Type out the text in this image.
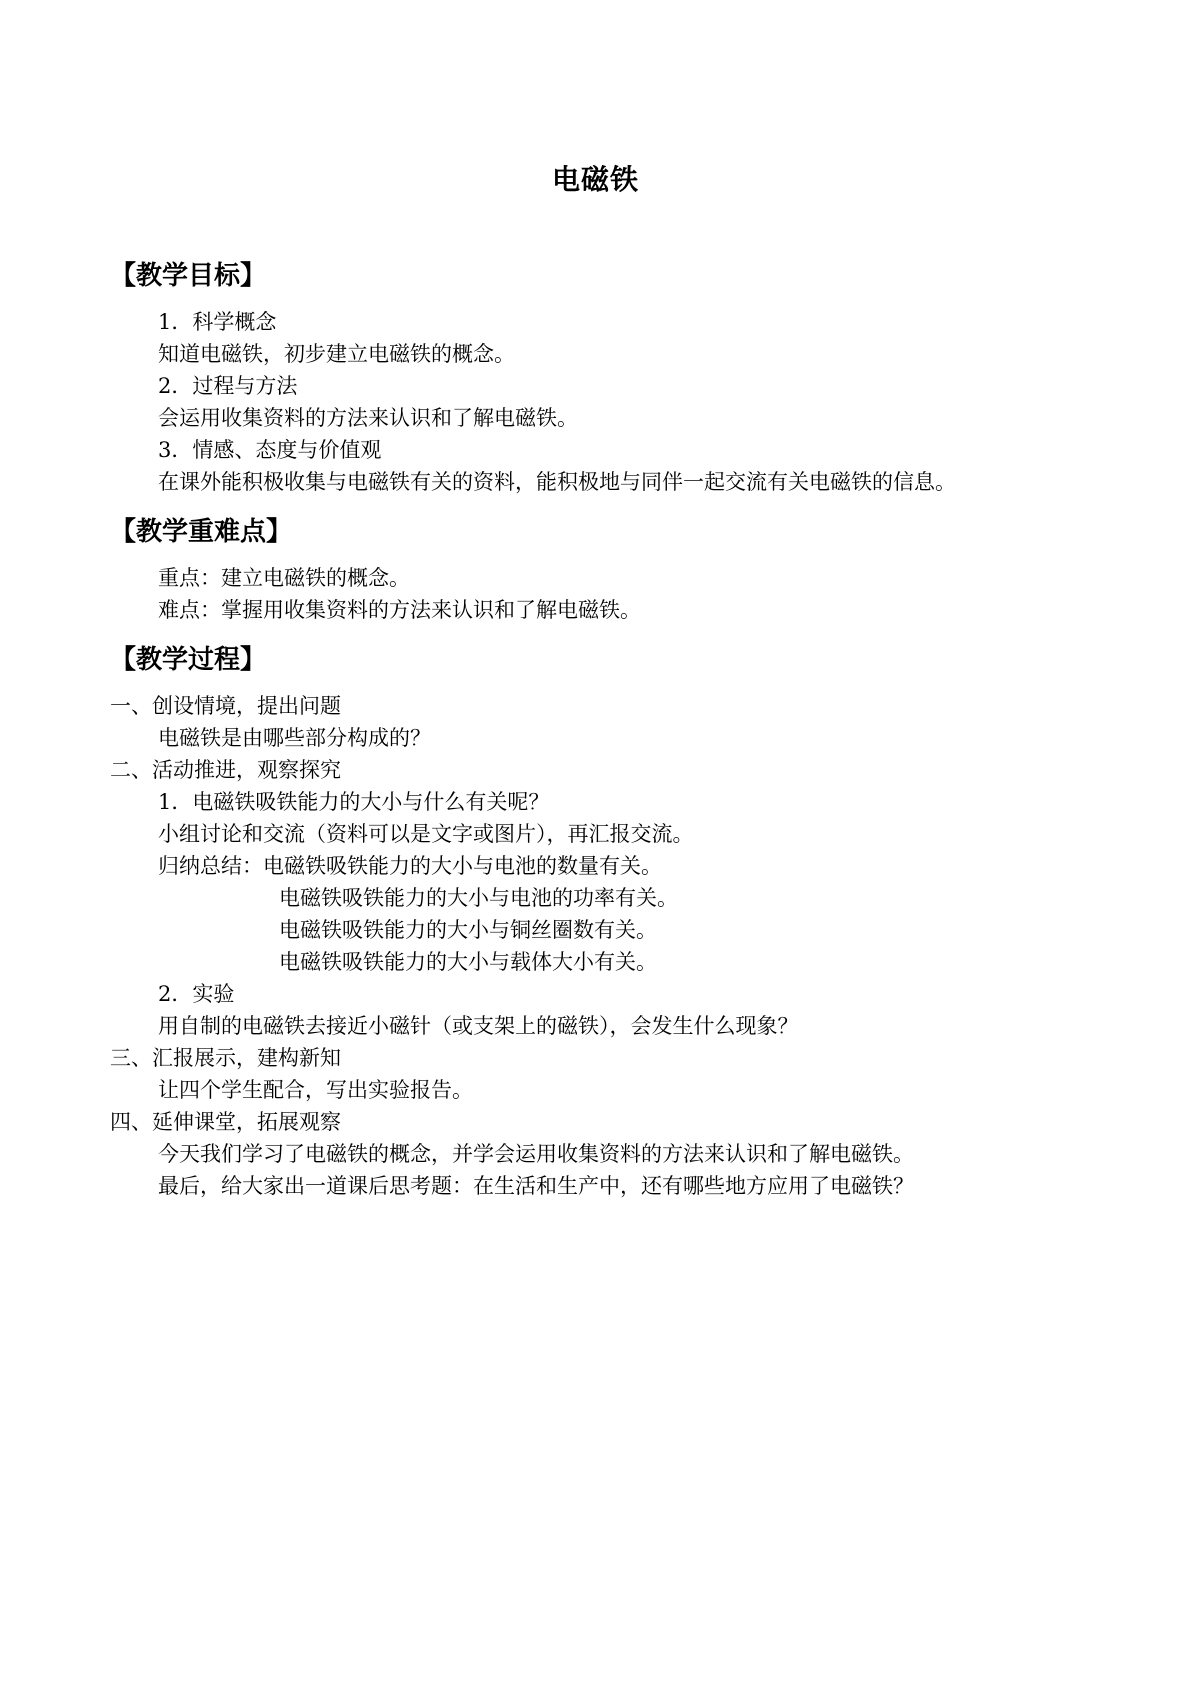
电磁铁
【教学目标】
1．科学概念
知道电磁铁，初步建立电磁铁的概念。
2．过程与方法
会运用收集资料的方法来认识和了解电磁铁。
3．情感、态度与价值观
在课外能积极收集与电磁铁有关的资料，能积极地与同伴一起交流有关电磁铁的信息。
【教学重难点】
重点：建立电磁铁的概念。
难点：掌握用收集资料的方法来认识和了解电磁铁。
【教学过程】
一、创设情境，提出问题
电磁铁是由哪些部分构成的？
二、活动推进，观察探究
1．电磁铁吸铁能力的大小与什么有关呢？
小组讨论和交流（资料可以是文字或图片），再汇报交流。
归纳总结：电磁铁吸铁能力的大小与电池的数量有关。
电磁铁吸铁能力的大小与电池的功率有关。
电磁铁吸铁能力的大小与铜丝圈数有关。
电磁铁吸铁能力的大小与载体大小有关。
2．实验
用自制的电磁铁去接近小磁针（或支架上的磁铁），会发生什么现象？
三、汇报展示，建构新知
让四个学生配合，写出实验报告。
四、延伸课堂，拓展观察
今天我们学习了电磁铁的概念，并学会运用收集资料的方法来认识和了解电磁铁。
最后，给大家出一道课后思考题：在生活和生产中，还有哪些地方应用了电磁铁？
